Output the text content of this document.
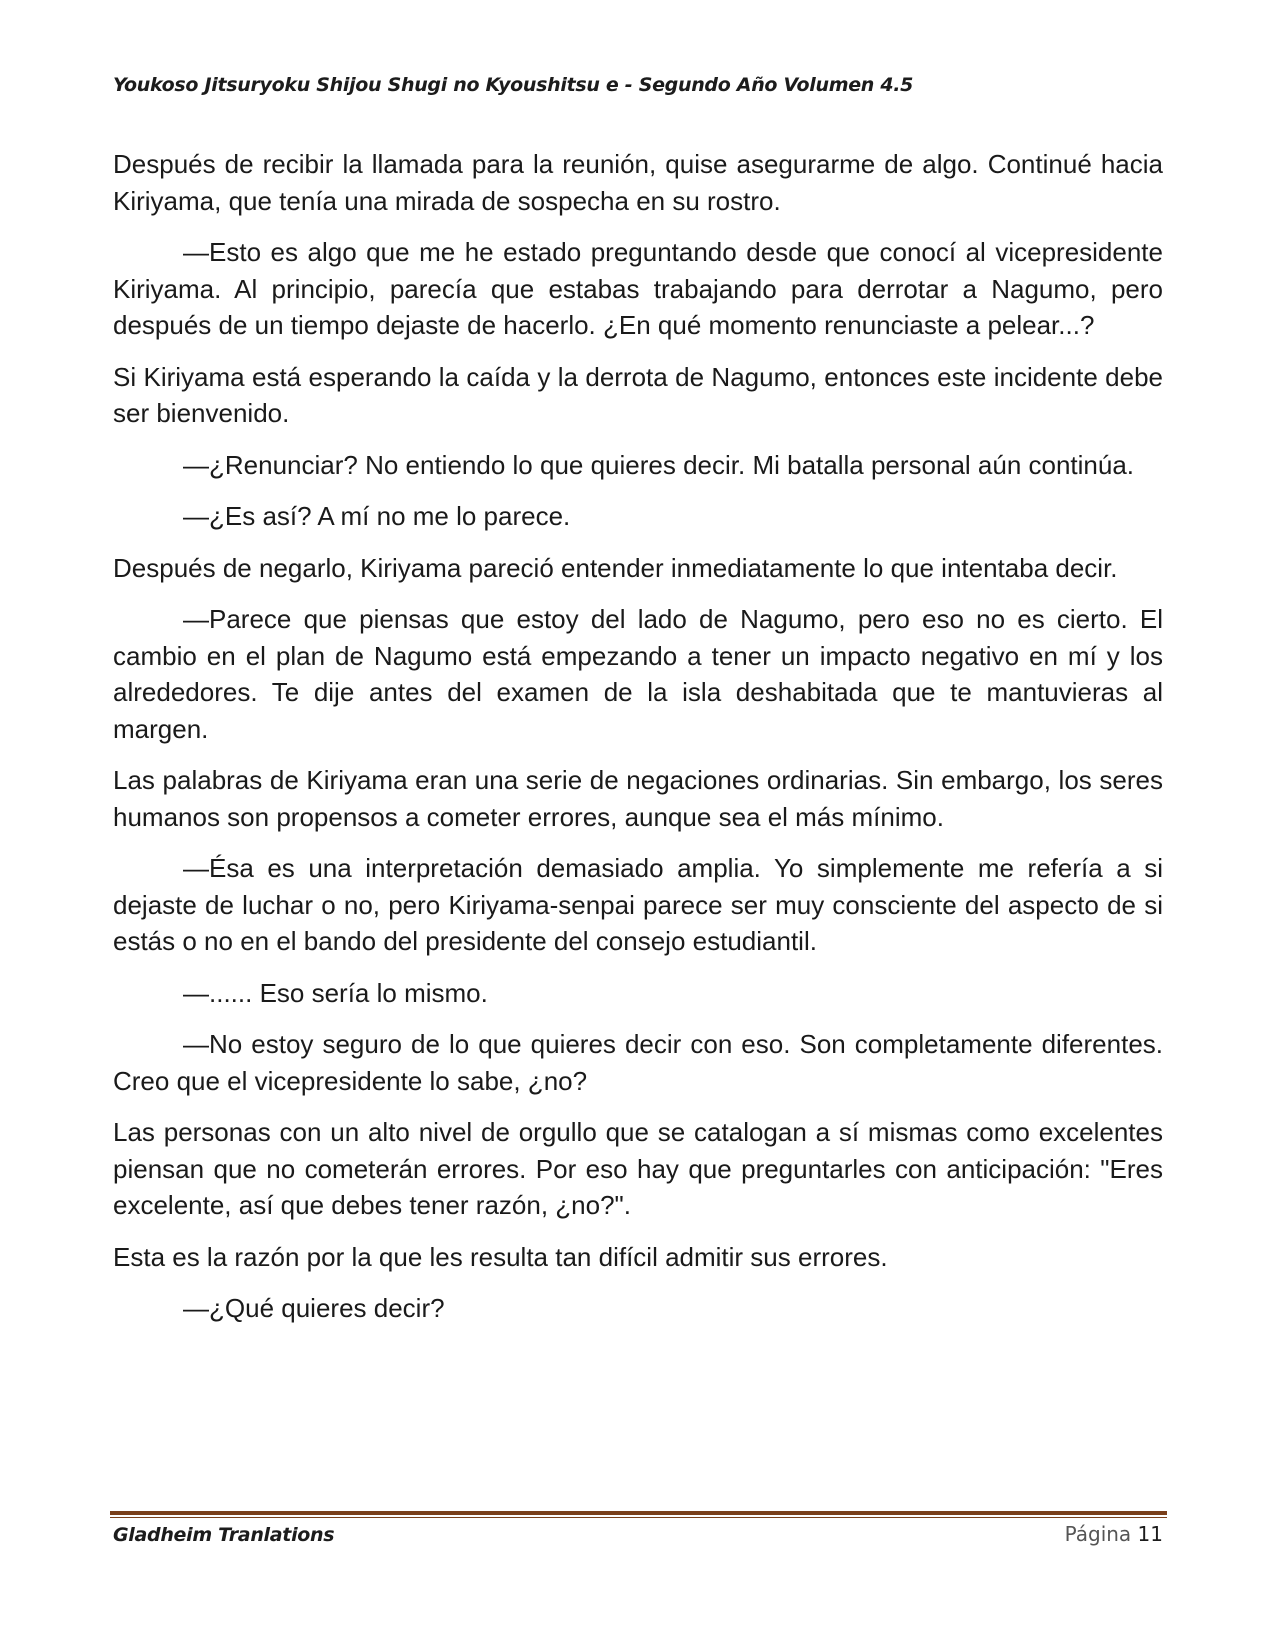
Youkoso Jitsuryoku Shijou Shugi no Kyoushitsu e - Segundo Año Volumen 4.5

Después de recibir la llamada para la reunión, quise asegurarme de algo. Continué hacia Kiriyama, que tenía una mirada de sospecha en su rostro.

—Esto es algo que me he estado preguntando desde que conocí al vicepresidente Kiriyama. Al principio, parecía que estabas trabajando para derrotar a Nagumo, pero después de un tiempo dejaste de hacerlo. ¿En qué momento renunciaste a pelear...?

Si Kiriyama está esperando la caída y la derrota de Nagumo, entonces este incidente debe ser bienvenido.

—¿Renunciar? No entiendo lo que quieres decir. Mi batalla personal aún continúa.

—¿Es así? A mí no me lo parece.

Después de negarlo, Kiriyama pareció entender inmediatamente lo que intentaba decir.

—Parece que piensas que estoy del lado de Nagumo, pero eso no es cierto. El cambio en el plan de Nagumo está empezando a tener un impacto negativo en mí y los alrededores. Te dije antes del examen de la isla deshabitada que te mantuvieras al margen.

Las palabras de Kiriyama eran una serie de negaciones ordinarias. Sin embargo, los seres humanos son propensos a cometer errores, aunque sea el más mínimo.

—Ésa es una interpretación demasiado amplia. Yo simplemente me refería a si dejaste de luchar o no, pero Kiriyama-senpai parece ser muy consciente del aspecto de si estás o no en el bando del presidente del consejo estudiantil.

—...... Eso sería lo mismo.

—No estoy seguro de lo que quieres decir con eso. Son completamente diferentes. Creo que el vicepresidente lo sabe, ¿no?

Las personas con un alto nivel de orgullo que se catalogan a sí mismas como excelentes piensan que no cometerán errores. Por eso hay que preguntarles con anticipación: "Eres excelente, así que debes tener razón, ¿no?".

Esta es la razón por la que les resulta tan difícil admitir sus errores.

—¿Qué quieres decir?

Gladheim Tranlations	Página 11
